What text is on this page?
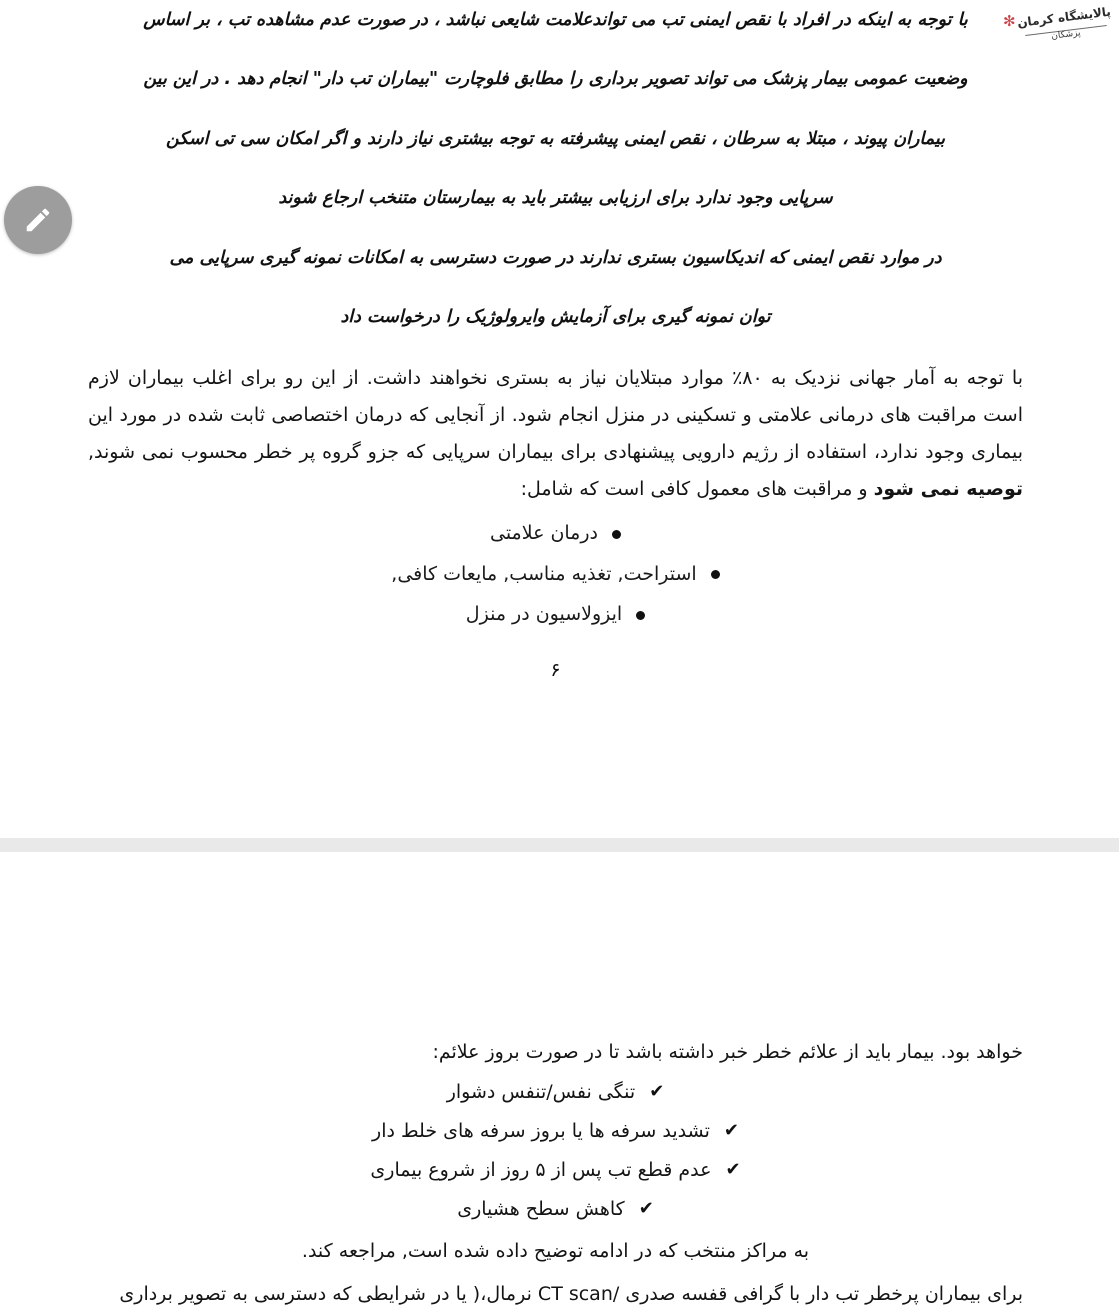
✻ پالایشگاه کرمان
پزشکان

با توجه به اینکه در افراد با نقص ایمنی تب می تواندعلامت شایعی نباشد ، در صورت عدم مشاهده تب ، بر اساس

وضعیت عمومی بیمار پزشک می تواند تصویر برداری را مطابق فلوچارت "بیماران تب دار" انجام دهد . در این بین

بیماران پیوند ، مبتلا به سرطان ، نقص ایمنی پیشرفته به توجه بیشتری نیاز دارند و اگر امکان سی تی اسکن

سرپایی وجود ندارد برای ارزیابی بیشتر باید به بیمارستان متنخب ارجاع شوند

در موارد نقص ایمنی که اندیکاسیون بستری ندارند در صورت دسترسی به امکانات نمونه گیری سرپایی می

توان نمونه گیری برای آزمایش وایرولوژیک را درخواست داد

با توجه به آمار جهانی نزدیک به ۸۰٪ موارد مبتلایان نیاز به بستری نخواهند داشت. از این رو برای اغلب بیماران لازم است مراقبت های درمانی علامتی و تسکینی در منزل انجام شود. از آنجایی که درمان اختصاصی ثابت شده در مورد این بیماری وجود ندارد، استفاده از رژیم دارویی پیشنهادی برای بیماران سرپایی که جزو گروه پر خطر محسوب نمی شوند, توصیه نمی شود و مراقبت های معمول کافی است که شامل:

درمان علامتی
استراحت, تغذیه مناسب, مایعات کافی,
ایزولاسیون در منزل
۶

خواهد بود. بیمار باید از علائم خطر خبر داشته باشد تا در صورت بروز علائم:

✔تنگی نفس/تنفس دشوار
✔تشدید سرفه ها یا بروز سرفه های خلط دار
✔عدم قطع تب پس از ۵ روز از شروع بیماری
✔کاهش سطح هشیاری

به مراکز منتخب که در ادامه توضیح داده شده است, مراجعه کند.

برای بیماران پرخطر تب دار با گرافی قفسه صدری /CT scan نرمال،( یا در شرایطی که دسترسی به تصویر برداری
